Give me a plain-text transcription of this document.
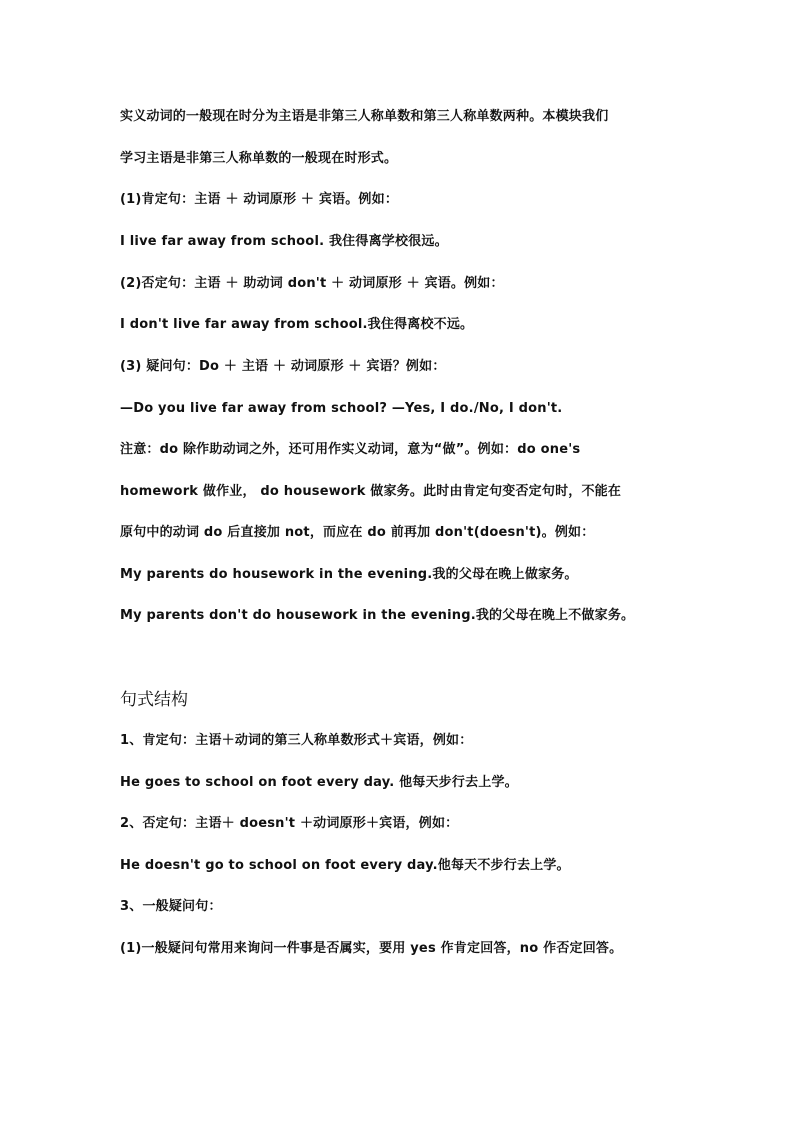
实义动词的一般现在时分为主语是非第三人称单数和第三人称单数两种。本模块我们
学习主语是非第三人称单数的一般现在时形式。
(1)肯定句：主语 ＋ 动词原形 ＋ 宾语。例如：
I live far away from school. 我住得离学校很远。
(2)否定句：主语 ＋ 助动词 don't ＋ 动词原形 ＋ 宾语。例如：
I don't live far away from school.我住得离校不远。
(3) 疑问句：Do ＋ 主语 ＋ 动词原形 ＋ 宾语？例如：
—Do you live far away from school? —Yes, I do./No, I don't.
注意：do 除作助动词之外，还可用作实义动词，意为“做”。例如：do one's
homework 做作业， do housework 做家务。此时由肯定句变否定句时，不能在
原句中的动词 do 后直接加 not，而应在 do 前再加 don't(doesn't)。例如：
My parents do housework in the evening.我的父母在晚上做家务。
My parents don't do housework in the evening.我的父母在晚上不做家务。
句式结构
1、肯定句：主语＋动词的第三人称单数形式＋宾语，例如：
He goes to school on foot every day. 他每天步行去上学。
2、否定句：主语＋ doesn't ＋动词原形＋宾语，例如：
He doesn't go to school on foot every day.他每天不步行去上学。
3、一般疑问句：
(1)一般疑问句常用来询问一件事是否属实，要用 yes 作肯定回答，no 作否定回答。
